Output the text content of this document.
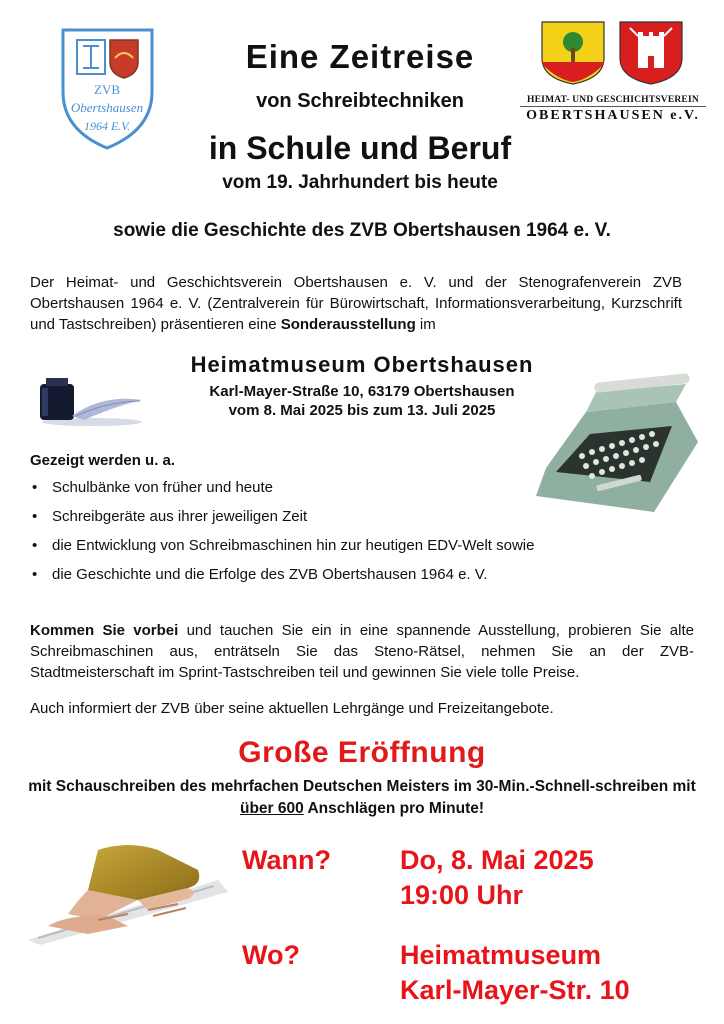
Eine Zeitreise
von Schreibtechniken
in Schule und Beruf
vom 19. Jahrhundert bis heute
sowie die Geschichte des ZVB Obertshausen 1964 e. V.
ZVB
Obertshausen
1964 E.V.
HEIMAT- UND GESCHICHTSVEREIN
OBERTSHAUSEN e.V.
Der Heimat- und Geschichtsverein Obertshausen e. V. und der Stenografenverein ZVB Obertshausen 1964 e. V. (Zentralverein für Bürowirtschaft, Informationsverarbeitung, Kurzschrift und Tastschreiben) präsentieren eine Sonderausstellung im
Heimatmuseum Obertshausen
Karl-Mayer-Straße 10, 63179 Obertshausen
vom 8. Mai 2025 bis zum 13. Juli 2025
Gezeigt werden u. a.
• Schulbänke von früher und heute
• Schreibgeräte aus ihrer jeweiligen Zeit
• die Entwicklung von Schreibmaschinen hin zur heutigen EDV-Welt sowie
• die Geschichte und die Erfolge des ZVB Obertshausen 1964 e. V.
Kommen Sie vorbei und tauchen Sie ein in eine spannende Ausstellung, probieren Sie alte Schreibmaschinen aus, enträtseln Sie das Steno-Rätsel, nehmen Sie an der ZVB-Stadtmeisterschaft im Sprint-Tastschreiben teil und gewinnen Sie viele tolle Preise.
Auch informiert der ZVB über seine aktuellen Lehrgänge und Freizeitangebote.
Große Eröffnung
mit Schauschreiben des mehrfachen Deutschen Meisters im 30-Min.-Schnell-schreiben mit über 600 Anschlägen pro Minute!
Wann?	Do, 8. Mai 2025
19:00 Uhr
Wo?	Heimatmuseum
Karl-Mayer-Str. 10
